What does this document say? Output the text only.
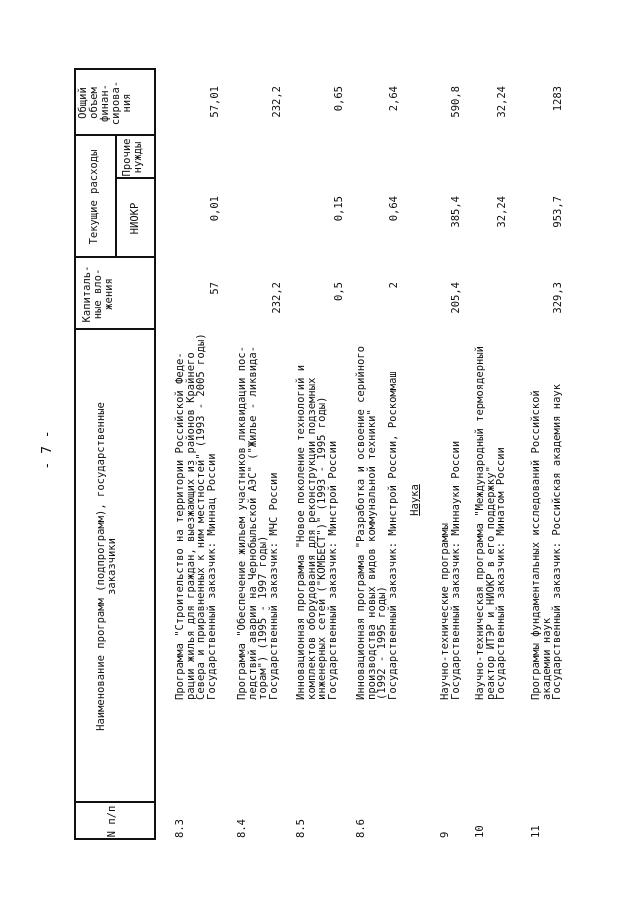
- 7 -
N п/п
Наименование программ (подпрограмм), государственные
заказчики
Капиталь-
ные вло-
жения
Текущие расходы	НИОКР
Прочие
нужды
Общий
объем
финан-
сирова-
ния
8.3
Программа "Строительство на территории Российской Феде-
рации жилья для граждан, выезжающих из районов Крайнего
Севера и приравненных к ним местностей" (1993 - 2005 годы)
Государственный заказчик: Миннац России
57
0,01
57,01
8.4
Программа "Обеспечение жильем участников ликвидации пос-
ледствий аварии на Чернобыльской АЭС" ("Жилье - ликвида-
торам") (1995 - 1997 годы)
Государственный заказчик: МЧС России
232,2
232,2
8.5
Инновационная программа "Новое поколение технологий и
комплектов оборудования для реконструкции подземных
инженерных сетей ("КОМБЕСТ")" (1993 - 1995 годы)
Государственный заказчик: Минстрой России
0,5
0,15
0,65
8.6
Инновационная программа "Разработка и освоение серийного
производства новых видов коммунальной техники"
(1992 - 1995 годы)
Государственный заказчик: Минстрой России, Роскоммаш
2
0,64
2,64
Наука
9
Научно-технические программы
Государственный заказчик: Миннауки России
205,4
385,4
590,8
10
Научно-техническая программа "Международный термоядерный
реактор ИТЭР и НИОКР в его поддержку"
Государственный заказчик: Минатом России
32,24
32,24
11
Программы фундаментальных исследований Российской
академии наук
Государственный заказчик: Российская академия наук
329,3
953,7
1283
